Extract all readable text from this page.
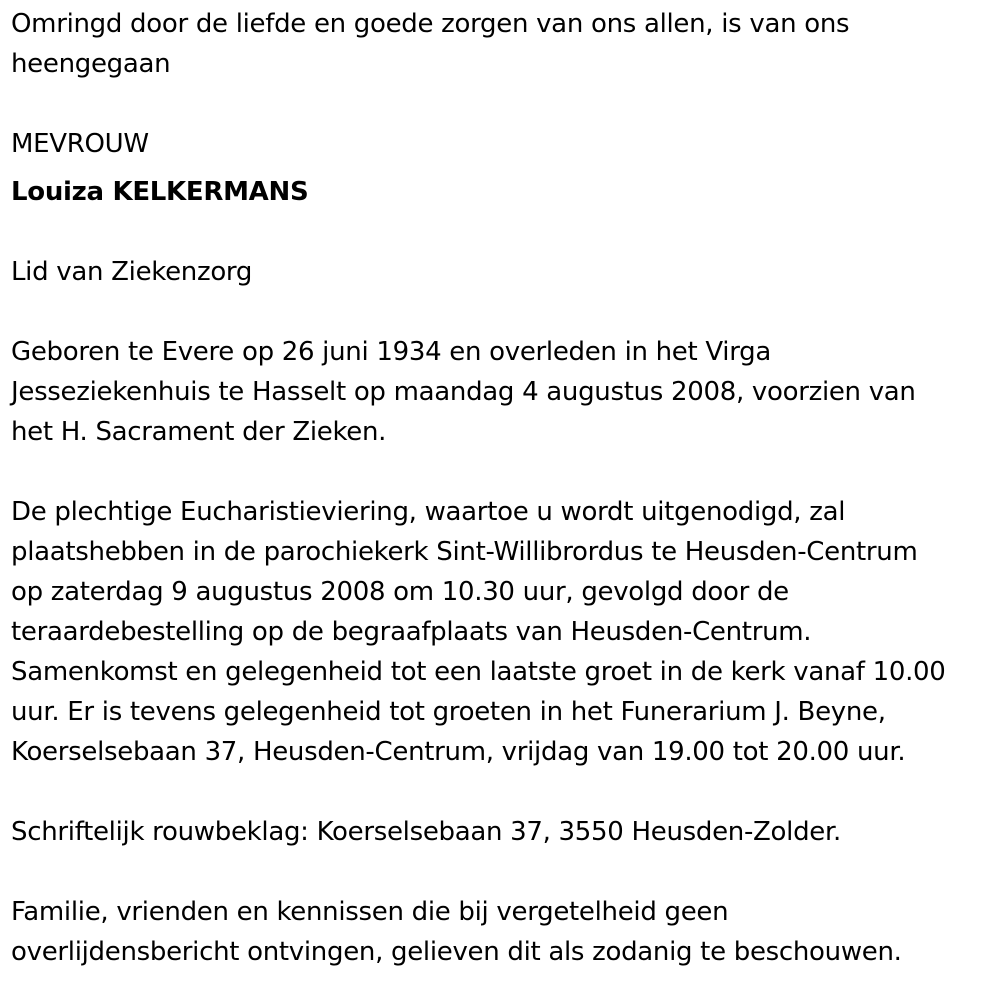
Omringd door de liefde en goede zorgen van ons allen, is van ons

heengegaan

MEVROUW

Louiza KELKERMANS

Lid van Ziekenzorg

Geboren te Evere op 26 juni 1934 en overleden in het Virga

Jesseziekenhuis te Hasselt op maandag 4 augustus 2008, voorzien van

het H. Sacrament der Zieken.

De plechtige Eucharistieviering, waartoe u wordt uitgenodigd, zal

plaatshebben in de parochiekerk Sint-Willibrordus te Heusden-Centrum

op zaterdag 9 augustus 2008 om 10.30 uur, gevolgd door de

teraardebestelling op de begraafplaats van Heusden-Centrum.

Samenkomst en gelegenheid tot een laatste groet in de kerk vanaf 10.00

uur. Er is tevens gelegenheid tot groeten in het Funerarium J. Beyne,

Koerselsebaan 37, Heusden-Centrum, vrijdag van 19.00 tot 20.00 uur.

Schriftelijk rouwbeklag: Koerselsebaan 37, 3550 Heusden-Zolder.

Familie, vrienden en kennissen die bij vergetelheid geen

overlijdensbericht ontvingen, gelieven dit als zodanig te beschouwen.
